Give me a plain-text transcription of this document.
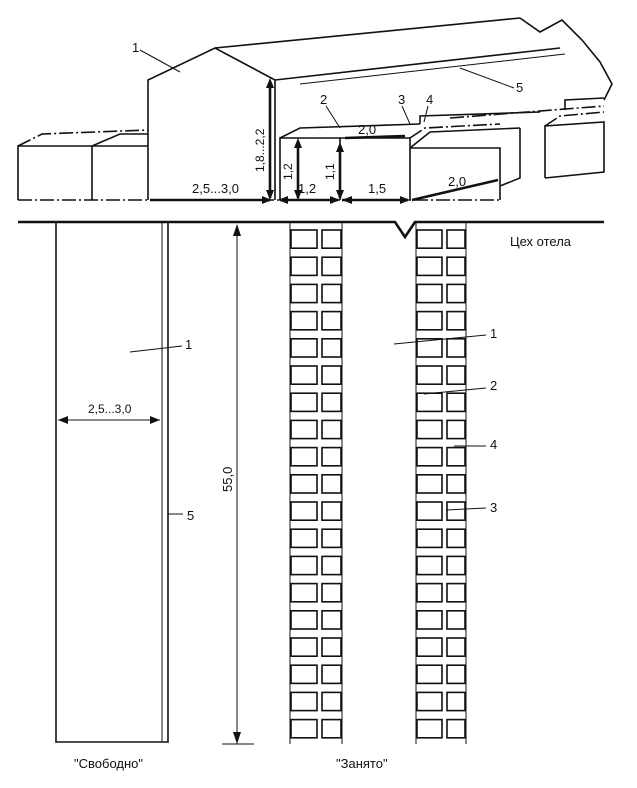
1,8...2,2 1,2 1,1
2,5...3,0	1,2	1,5	2,0
2,0
1
2	3 4
5
2,5...3,0
55,0
Цех отела
1
5
1
2
4
3
"Свободно"	"Занято"
